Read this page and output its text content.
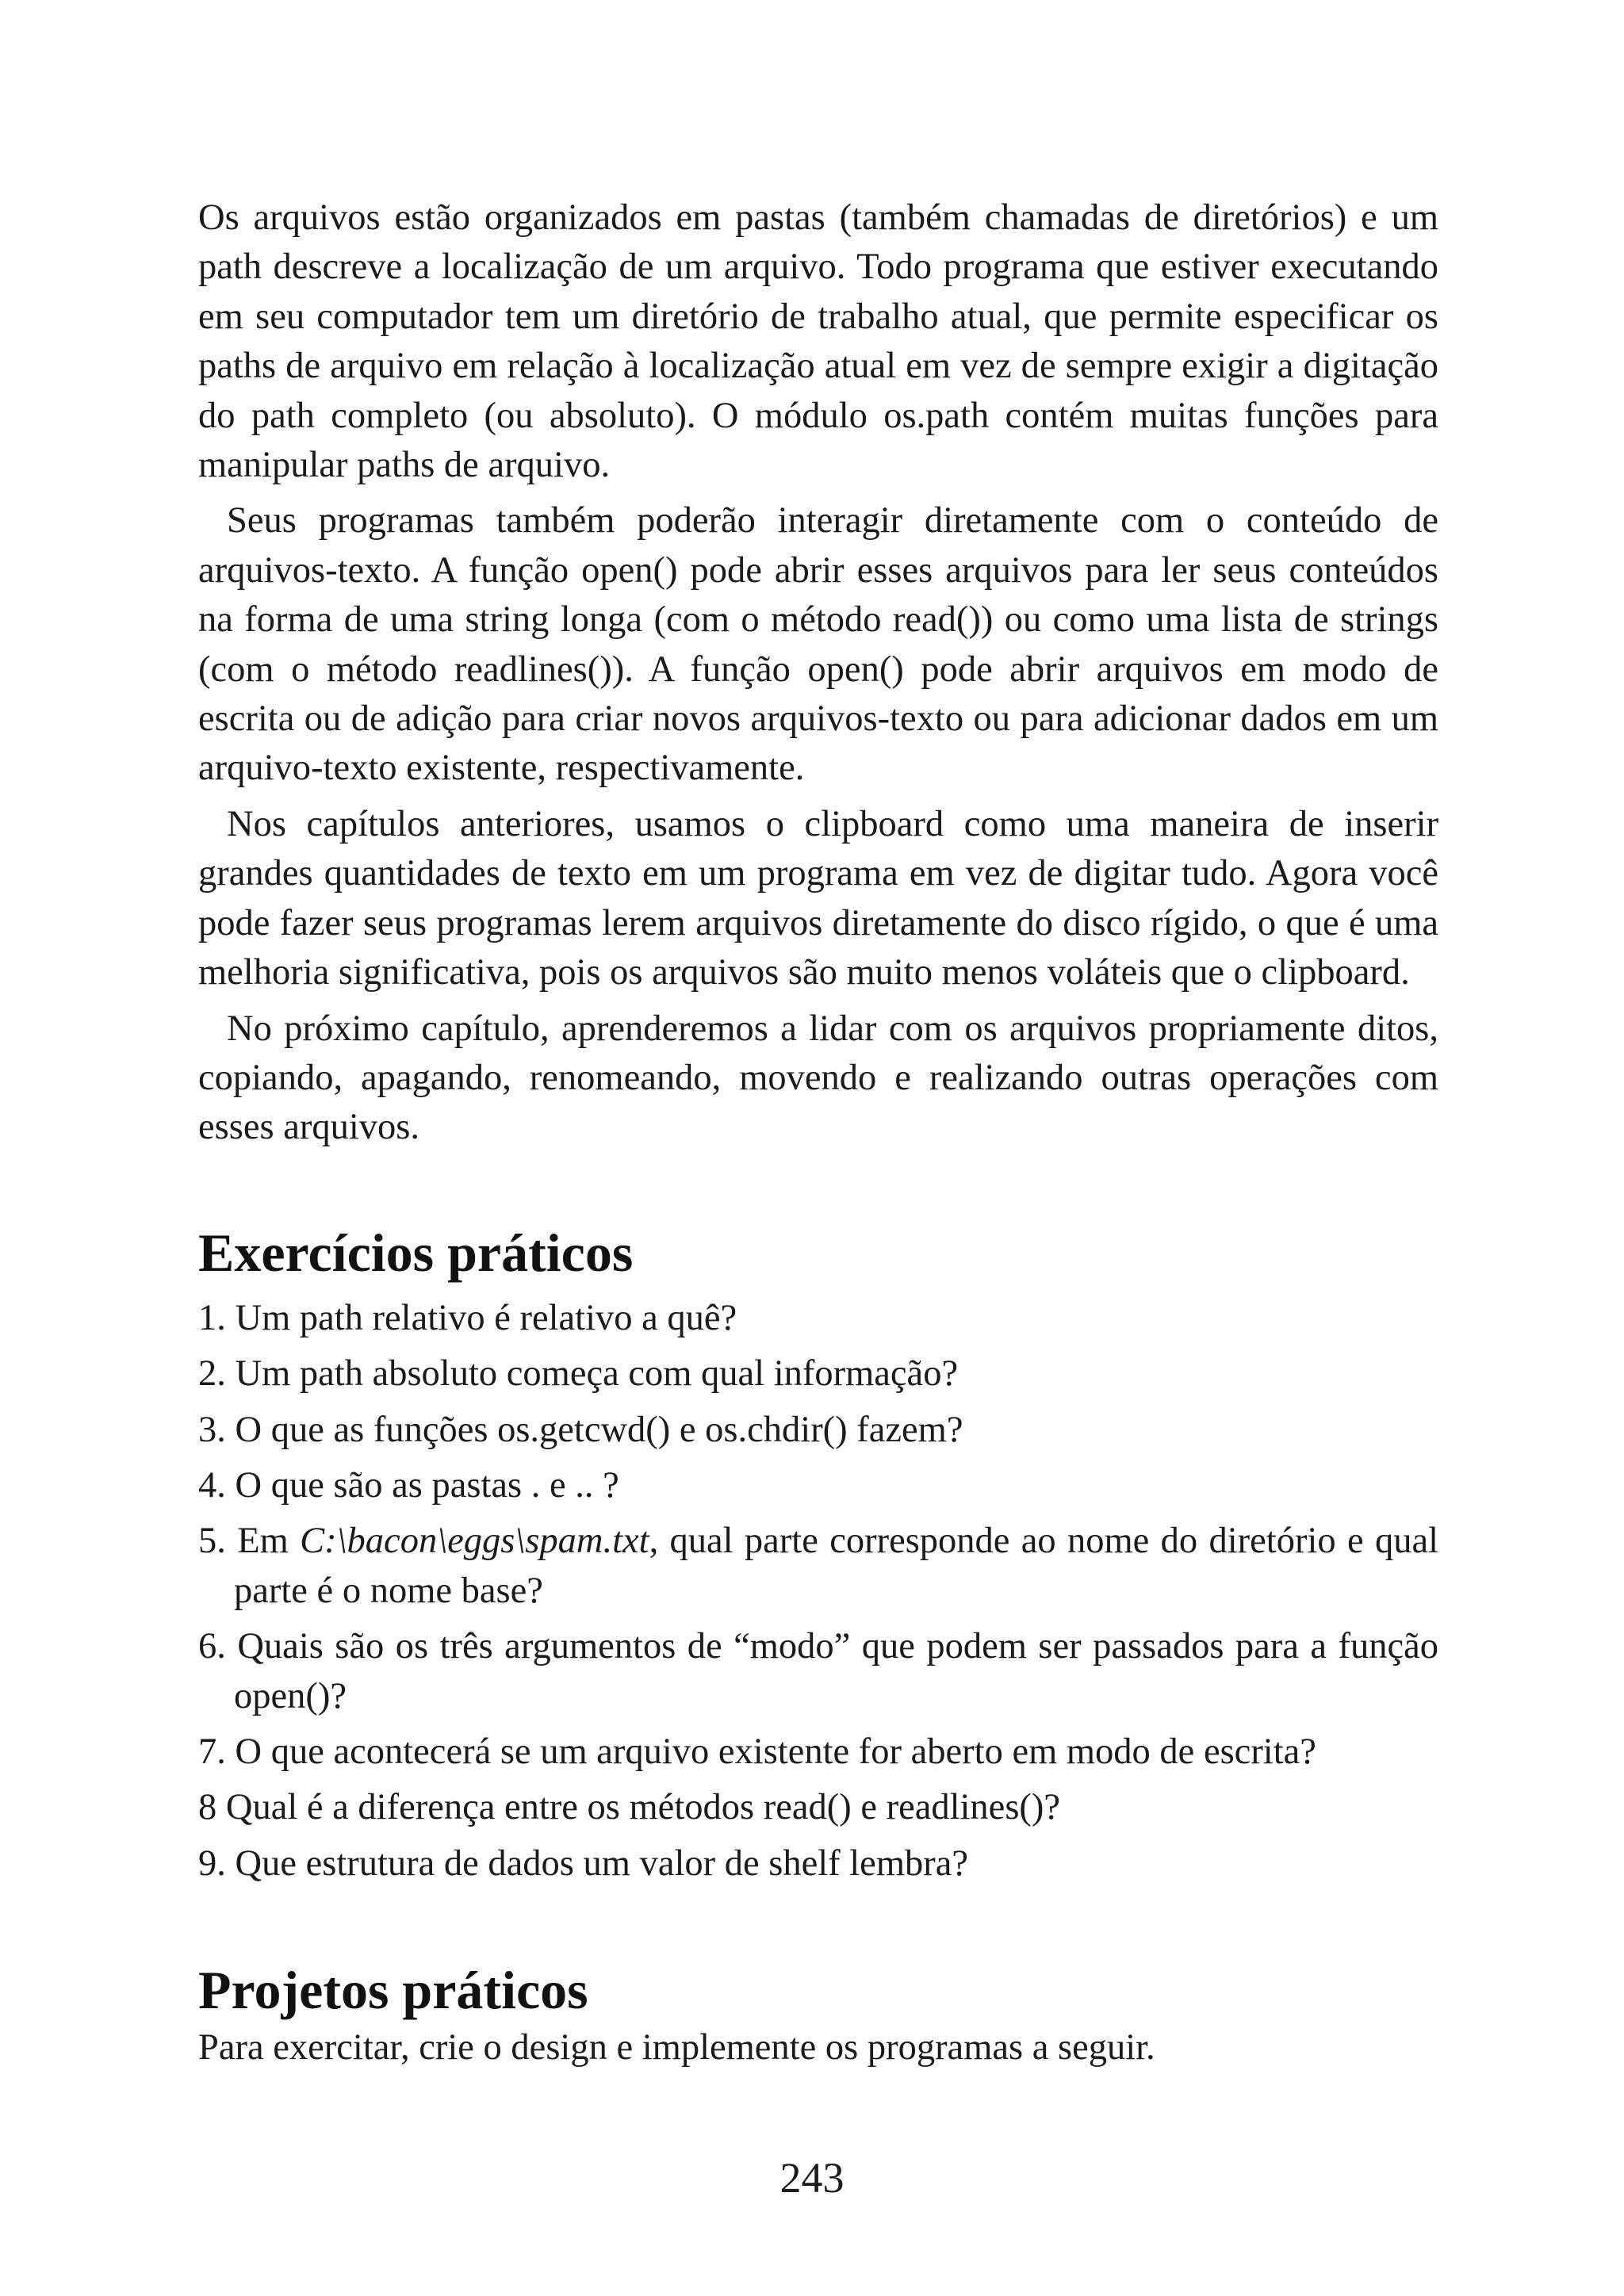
Os arquivos estão organizados em pastas (também chamadas de diretórios) e um path descreve a localização de um arquivo. Todo programa que estiver executando em seu computador tem um diretório de trabalho atual, que permite especificar os paths de arquivo em relação à localização atual em vez de sempre exigir a digitação do path completo (ou absoluto). O módulo os.path contém muitas funções para manipular paths de arquivo.

Seus programas também poderão interagir diretamente com o conteúdo de arquivos-texto. A função open() pode abrir esses arquivos para ler seus conteúdos na forma de uma string longa (com o método read()) ou como uma lista de strings (com o método readlines()). A função open() pode abrir arquivos em modo de escrita ou de adição para criar novos arquivos-texto ou para adicionar dados em um arquivo-texto existente, respectivamente.

Nos capítulos anteriores, usamos o clipboard como uma maneira de inserir grandes quantidades de texto em um programa em vez de digitar tudo. Agora você pode fazer seus programas lerem arquivos diretamente do disco rígido, o que é uma melhoria significativa, pois os arquivos são muito menos voláteis que o clipboard.

No próximo capítulo, aprenderemos a lidar com os arquivos propriamente ditos, copiando, apagando, renomeando, movendo e realizando outras operações com esses arquivos.

Exercícios práticos
1. Um path relativo é relativo a quê?
2. Um path absoluto começa com qual informação?
3. O que as funções os.getcwd() e os.chdir() fazem?
4. O que são as pastas . e .. ?
5. Em C:\bacon\eggs\spam.txt, qual parte corresponde ao nome do diretório e qual parte é o nome base?
6. Quais são os três argumentos de “modo” que podem ser passados para a função open()?
7. O que acontecerá se um arquivo existente for aberto em modo de escrita?
8 Qual é a diferença entre os métodos read() e readlines()?
9. Que estrutura de dados um valor de shelf lembra?
Projetos práticos

Para exercitar, crie o design e implemente os programas a seguir.

243
